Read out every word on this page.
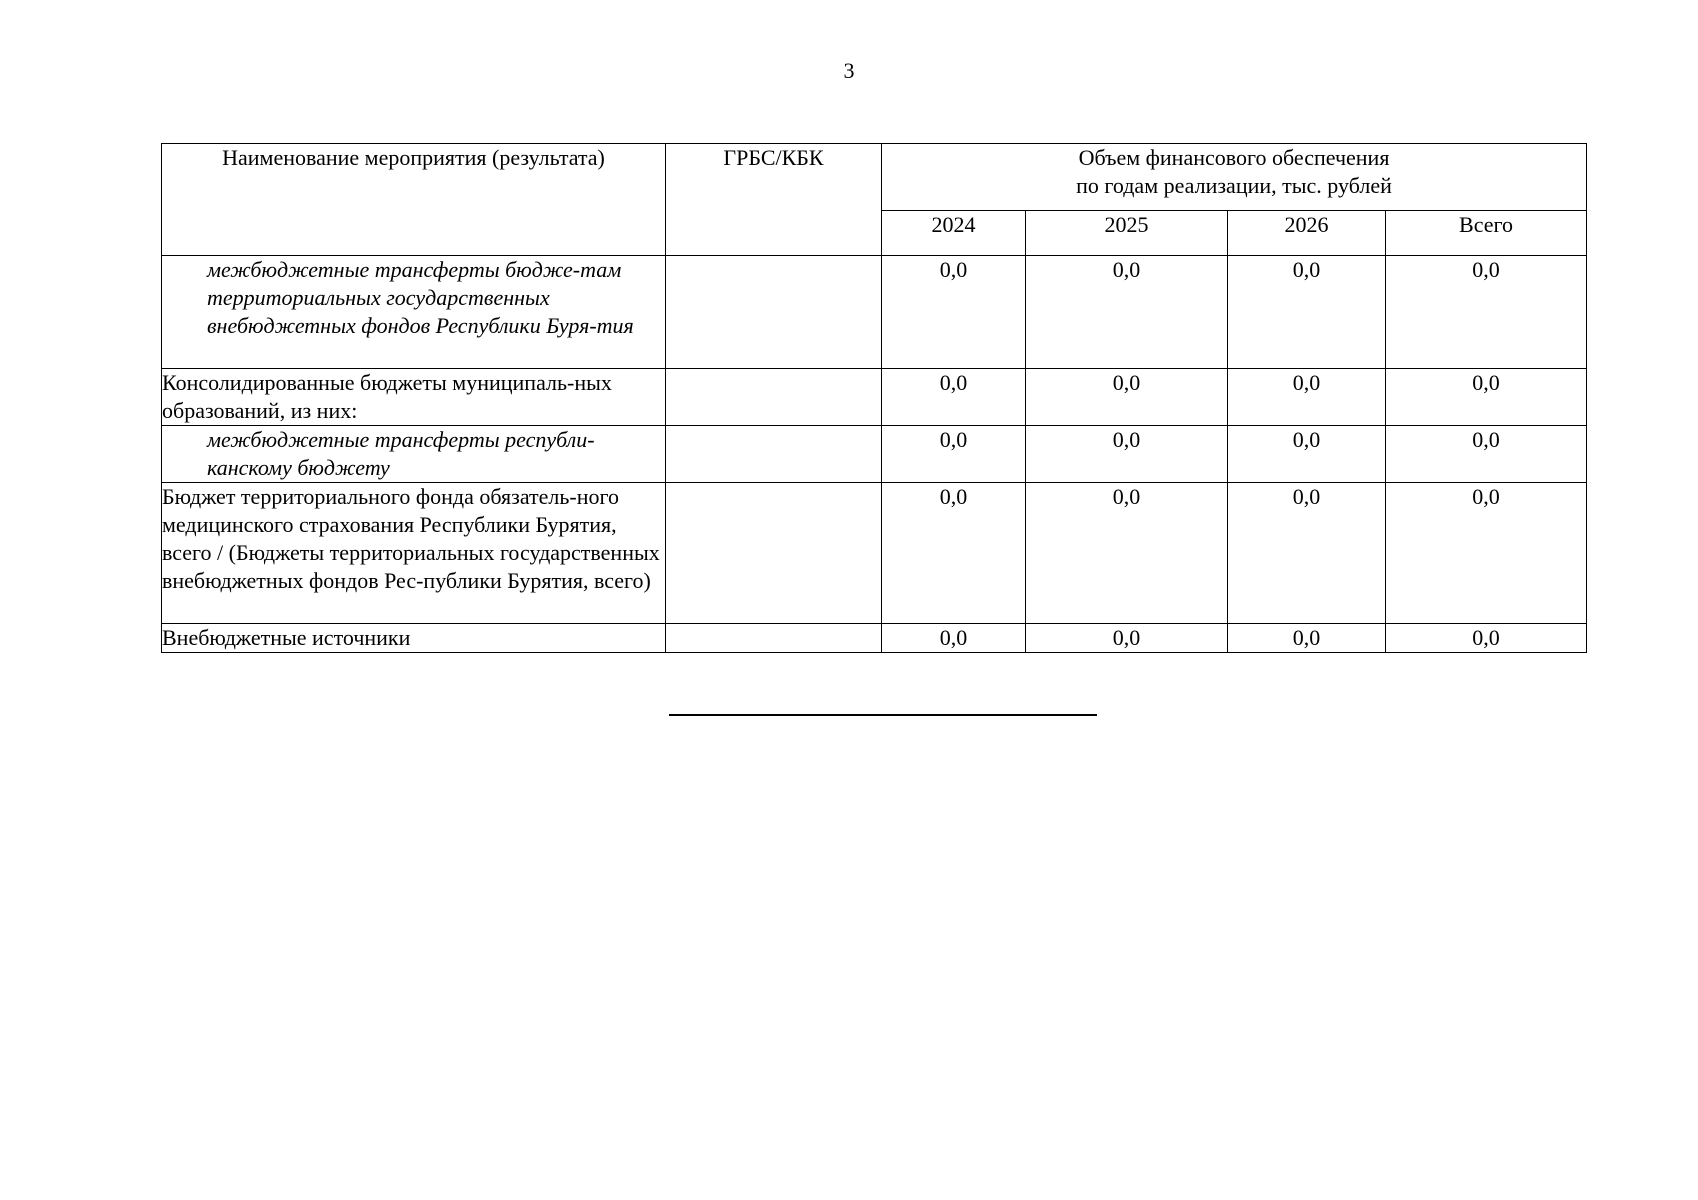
3
Наименование мероприятия (результата)	ГРБС/КБК	Объем финансового обеспечения
по годам реализации, тыс. рублей			

		2024	2025	2026	Всего
межбюджетные трансферты бюдже-там территориальных государственных внебюджетных фондов Республики Буря-тия		0,0	0,0	0,0	0,0
Консолидированные бюджеты муниципаль-ных образований, из них:		0,0	0,0	0,0	0,0
межбюджетные трансферты республи-канскому бюджету		0,0	0,0	0,0	0,0
Бюджет территориального фонда обязатель-ного медицинского страхования Республики Бурятия, всего / (Бюджеты территориальных государственных внебюджетных фондов Рес-публики Бурятия, всего)		0,0	0,0	0,0	0,0
Внебюджетные источники		0,0	0,0	0,0	0,0
